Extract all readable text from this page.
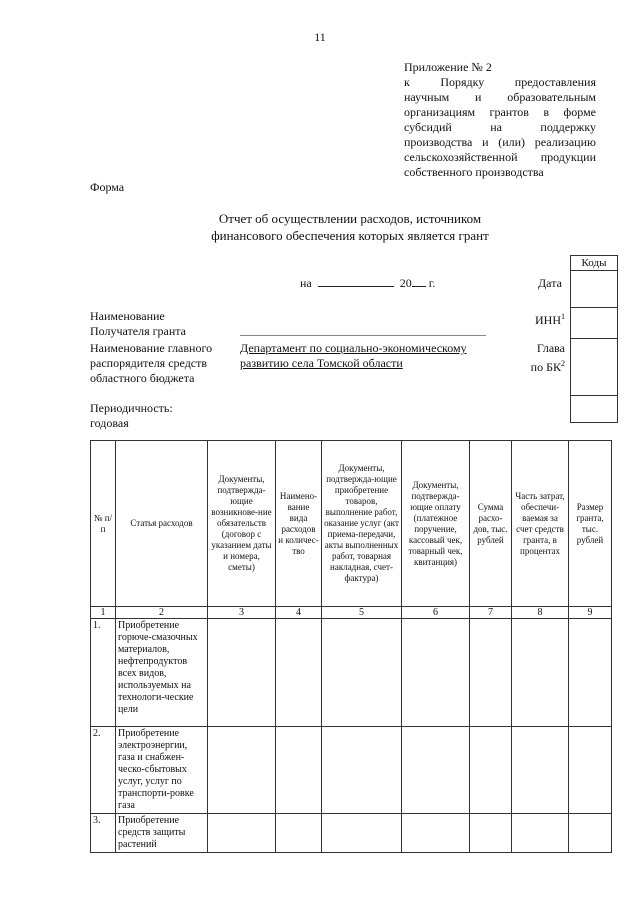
11
Приложение № 2
к Порядку предоставления
научным и образовательным
организациям грантов в форме
субсидий на поддержку
производства и (или) реализацию
сельскохозяйственной продукции
собственного производства
Форма
Отчет об осуществлении расходов, источником
финансового обеспечения которых является грант
Коды

на	20 г.	Дата
Наименование
Получателя гранта
ИНН$^1$
Наименование главного
распорядителя средств
областного бюджета
Департамент по социально-экономическому
развитию села Томской области
Глава
по $БК^2$
Периодичность:
годовая
№ п/п	Статья расходов	Документы, подтвержда-ющие возникнове-ние обязательств (договор с указанием даты и номера, сметы)	Наимено-вание вида расходов и количес-тво	Документы, подтвержда-ющие приобретение товаров, выполнение работ, оказание услуг (акт приема-передачи, акты выполненных работ, товарная накладная, счет-фактура)	Документы, подтвержда-ющие оплату (платежное поручение, кассовый чек, товарный чек, квитанция)	Сумма расхо-дов, тыс. рублей	Часть затрат, обеспечи-ваемая за счет средств гранта, в процентах	Размер гранта, тыс. рублей
1	2	3	4	5	6	7	8	9
1.	Приобретение горюче-смазочных материалов, нефтепродуктов всех видов, используемых на технологи-ческие цели							
2.	Приобретение электроэнергии, газа и снабжен-ческо-сбытовых услуг, услуг по транспорти-ровке газа							
3.	Приобретение средств защиты растений							
